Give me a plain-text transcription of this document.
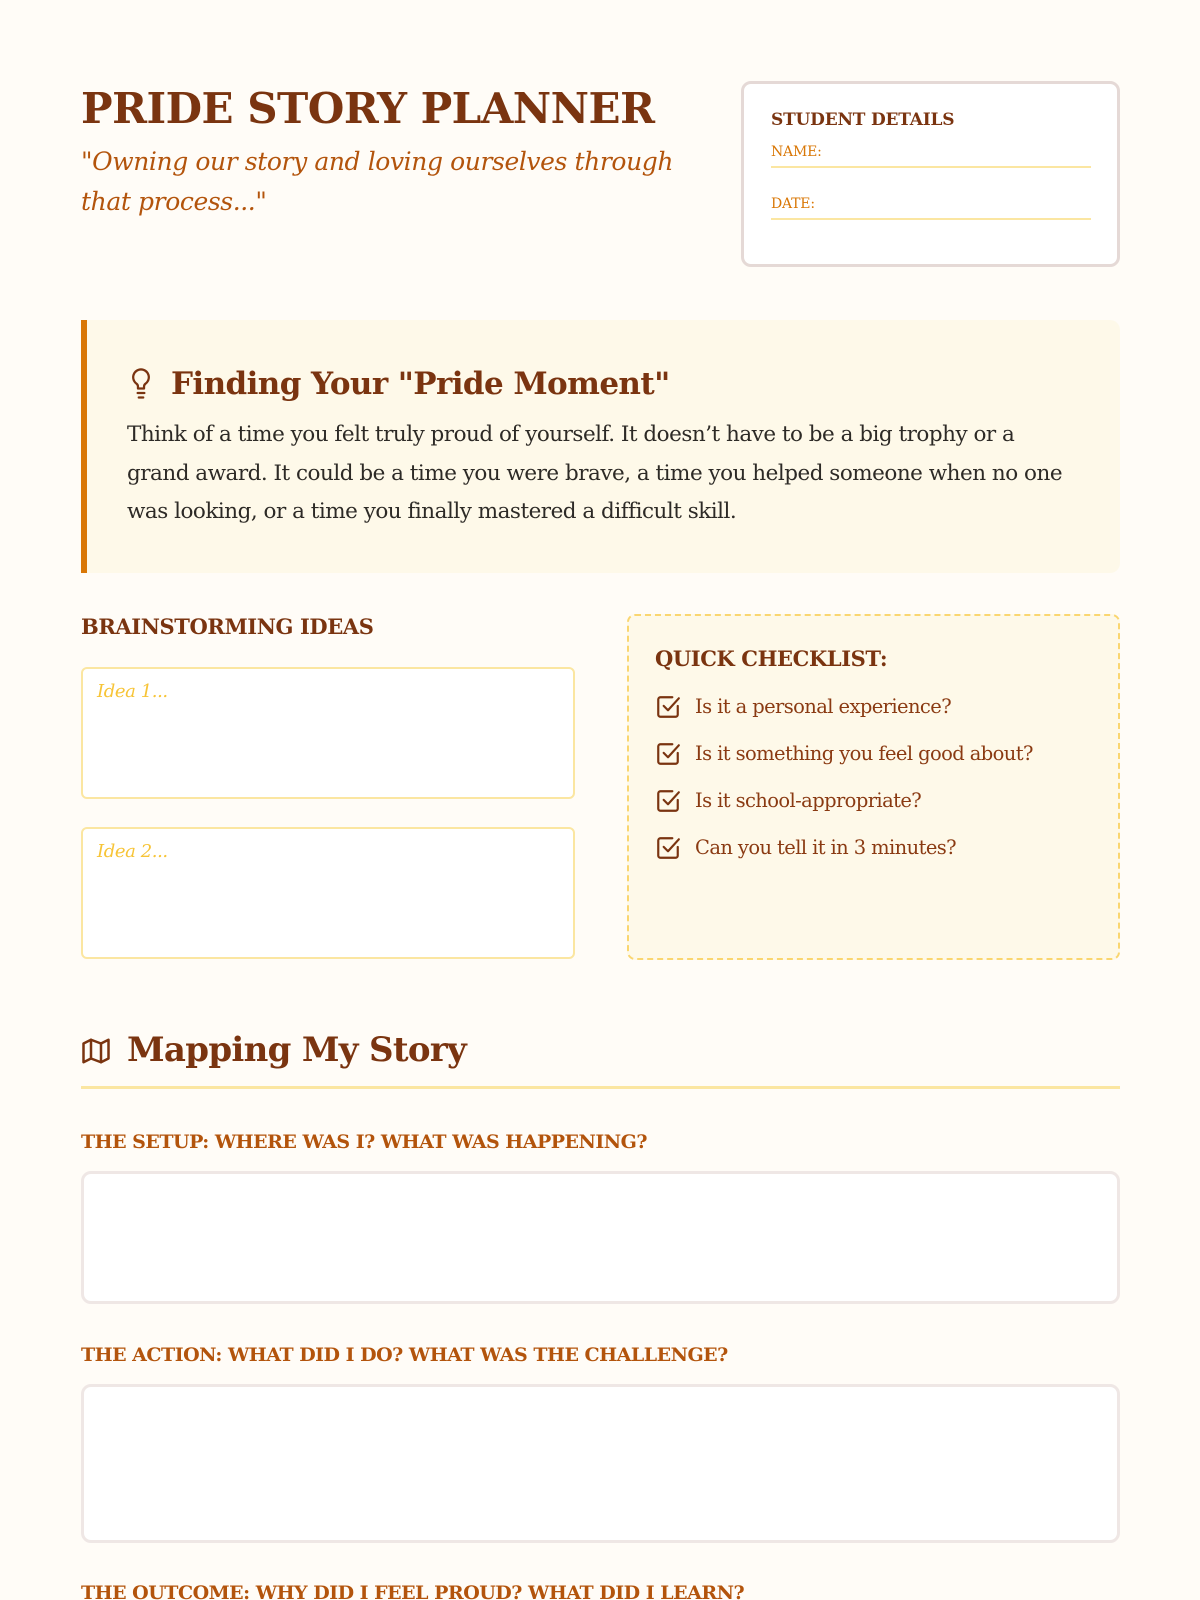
PRIDE STORY PLANNER

"Owning our story and loving ourselves through that process..."

STUDENT DETAILS
NAME:
DATE:
Finding Your "Pride Moment"

Think of a time you felt truly proud of yourself. It doesn’t have to be a big trophy or a grand award. It could be a time you were brave, a time you helped someone when no one was looking, or a time you finally mastered a difficult skill.

BRAINSTORMING IDEAS
Idea 1...
Idea 2...
QUICK CHECKLIST:
Is it a personal experience?
Is it something you feel good about?
Is it school-appropriate?
Can you tell it in 3 minutes?
Mapping My Story
THE SETUP: WHERE WAS I? WHAT WAS HAPPENING?
THE ACTION: WHAT DID I DO? WHAT WAS THE CHALLENGE?
THE OUTCOME: WHY DID I FEEL PROUD? WHAT DID I LEARN?
